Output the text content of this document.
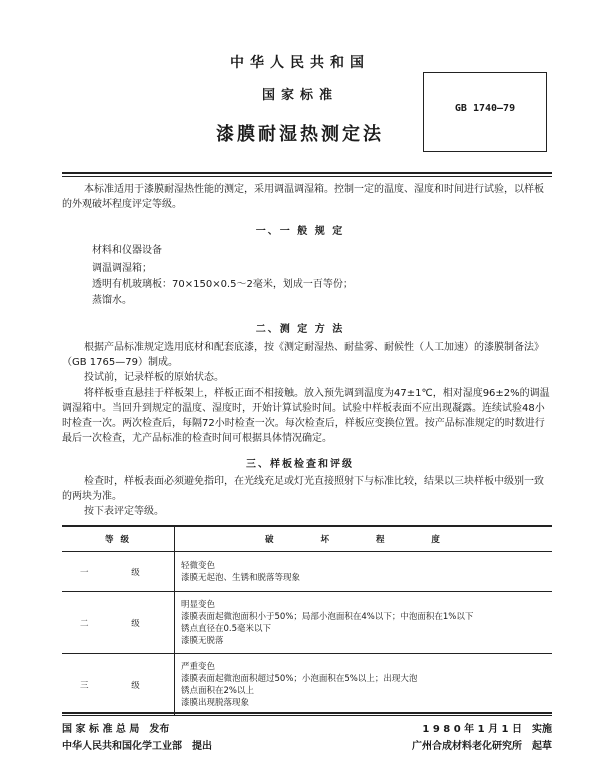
中华人民共和国
国家标准
漆膜耐湿热测定法
GB 1740—79
本标准适用于漆膜耐湿热性能的测定，采用调温调湿箱。控制一定的温度、湿度和时间进行试验，以样板的外观破坏程度评定等级。
一、一 般 规 定
材料和仪器设备
调温调湿箱；
透明有机玻璃板：70×150×0.5～2毫米，划成一百等份；
蒸馏水。
二、测 定 方 法
根据产品标准规定选用底材和配套底漆，按《测定耐湿热、耐盐雾、耐候性（人工加速）的漆膜制备法》（GB 1765—79）制成。
投试前，记录样板的原始状态。
将样板垂直悬挂于样板架上，样板正面不相接触。放入预先调到温度为47±1℃，相对湿度96±2%的调温调湿箱中。当回升到规定的温度、湿度时，开始计算试验时间。试验中样板表面不应出现凝露。连续试验48小时检查一次。两次检查后，每隔72小时检查一次。每次检查后，样板应变换位置。按产品标准规定的时数进行最后一次检查，尤产品标准的检查时间可根据具体情况确定。
三、样板检查和评级
检查时，样板表面必须避免指印，在光线充足或灯光直接照射下与标准比较，结果以三块样板中级别一致的两块为准。
按下表评定等级。
等 级	破 坏 程 度
一 级	轻微变色
漆膜无起泡、生锈和脱落等现象

二 级	明显变色
漆膜表面起微泡面积小于50%；局部小泡面积在4%以下；中泡面积在1%以下
锈点直径在0.5毫米以下
漆膜无脱落

三 级	严重变色
漆膜表面起微泡面积超过50%；小泡面积在5%以上；出现大泡
锈点面积在2%以上
漆膜出现脱落现象
国 家 标 准 总 局　发布
中华人民共和国化学工业部　提出
1 9 8 0 年 1 月 1 日　实施
广州合成材料老化研究所　起草
